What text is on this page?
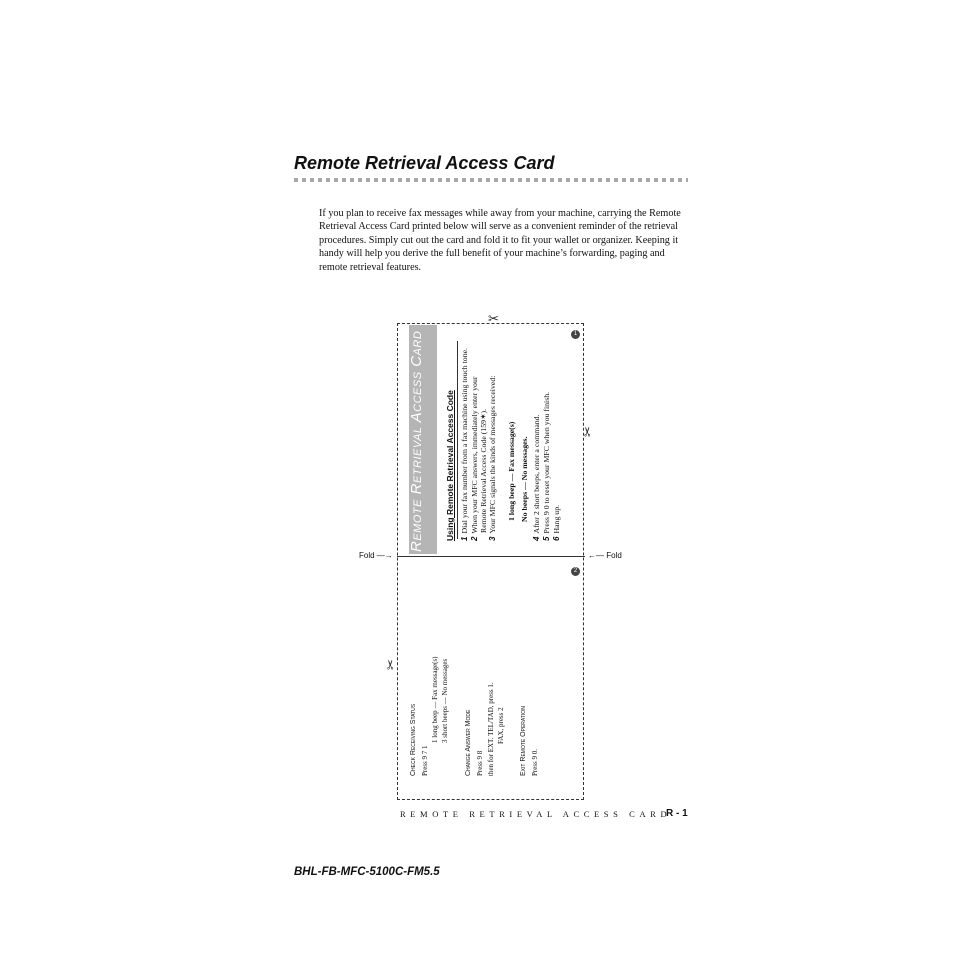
Remote Retrieval Access Card
If you plan to receive fax messages while away from your machine, carrying the Remote Retrieval Access Card printed below will serve as a convenient reminder of the retrieval procedures. Simply cut out the card and fold it to fit your wallet or organizer. Keeping it handy will help you derive the full benefit of your machine’s forwarding, paging and remote retrieval features.
Fold —→	←— Fold
✂
✂
✂
Remote Retrieval Access Card	1
2
Using Remote Retrieval Access Code 1Dial your fax number from a fax machine using touch tone.
2When your MFC answers, immediately enter your Remote Retrieval Access Code (159✶).
3Your MFC signals the kinds of messages received: 1 long beep — Fax message(s) No beeps — No messages.
4After 2 short beeps, enter a command.
5Press 9 0 to reset your MFC when you finish.
6Hang up.
Check Receiving Status Press 9 7 1
1 long beep — Fax message(s) 3 short beeps — No messages Change Answer Mode Press 9 8 then for EXT. TEL/TAD, press 1. FAX, press 2 Exit Remote Operation Press 9 0.
REMOTE RETRIEVAL ACCESS CARD
R - 1
BHL-FB-MFC-5100C-FM5.5
